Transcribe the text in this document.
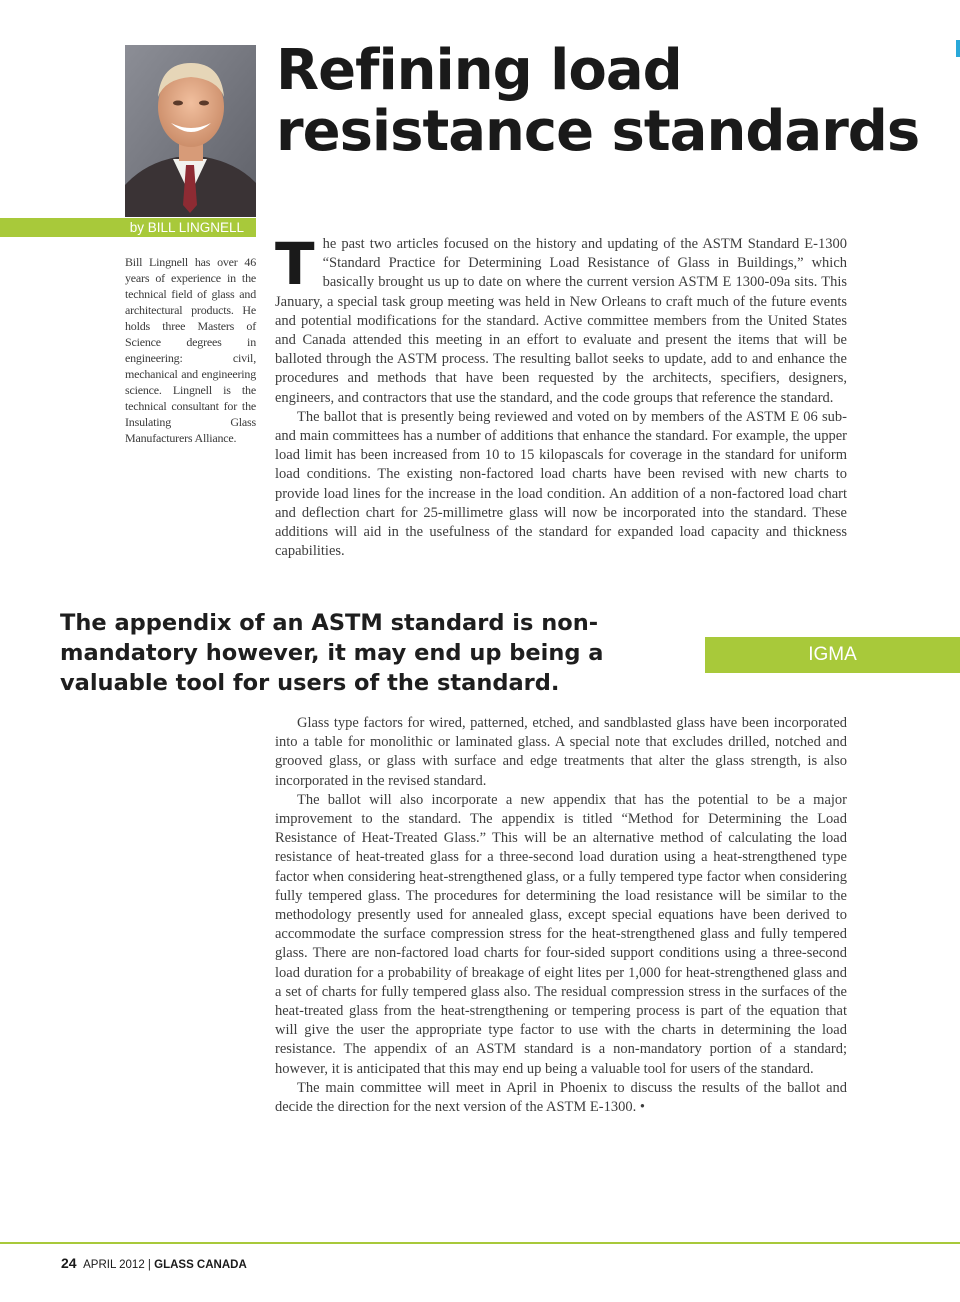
Refining load
resistance standards
by BILL LINGNELL

Bill Lingnell has over 46 years of experience in the technical field of glass and architectural products. He holds three Masters of Science degrees in engineering: civil, mechanical and engineering science. Lingnell is the technical consultant for the Insulating Glass Manufacturers Alliance.

The past two articles focused on the history and updating of the ASTM Standard E-1300 “Standard Practice for Determining Load Resistance of Glass in Buildings,” which basically brought us up to date on where the current version ASTM E 1300-09a sits. This January, a special task group meeting was held in New Orleans to craft much of the future events and potential modifications for the standard. Active committee members from the United States and Canada attended this meeting in an effort to evaluate and present the items that will be balloted through the ASTM process. The resulting ballot seeks to update, add to and enhance the procedures and methods that have been requested by the architects, specifiers, designers, engineers, and contractors that use the standard, and the code groups that reference the standard.

The ballot that is presently being reviewed and voted on by members of the ASTM E 06 sub- and main committees has a number of additions that enhance the standard. For example, the upper load limit has been increased from 10 to 15 kilopascals for coverage in the standard for uniform load conditions. The existing non-factored load charts have been revised with new charts to provide load lines for the increase in the load condition. An addition of a non-factored load chart and deflection chart for 25-millimetre glass will now be incorporated into the standard. These additions will aid in the usefulness of the standard for expanded load capacity and thickness capabilities.

The appendix of an ASTM standard is non-mandatory however, it may end up being a valuable tool for users of the standard.

IGMA

Glass type factors for wired, patterned, etched, and sandblasted glass have been incorporated into a table for monolithic or laminated glass. A special note that excludes drilled, notched and grooved glass, or glass with surface and edge treatments that alter the glass strength, is also incorporated in the revised standard.

The ballot will also incorporate a new appendix that has the potential to be a major improvement to the standard. The appendix is titled “Method for Determining the Load Resistance of Heat-Treated Glass.” This will be an alternative method of calculating the load resistance of heat-treated glass for a three-second load duration using a heat-strengthened type factor when considering heat-strengthened glass, or a fully tempered type factor when considering fully tempered glass. The procedures for determining the load resistance will be similar to the methodology presently used for annealed glass, except special equations have been derived to accommodate the surface compression stress for the heat-strengthened glass and fully tempered glass. There are non-factored load charts for four-sided support conditions using a three-second load duration for a probability of breakage of eight lites per 1,000 for heat-strengthened glass and a set of charts for fully tempered glass also. The residual compression stress in the surfaces of the heat-treated glass from the heat-strengthening or tempering process is part of the equation that will give the user the appropriate type factor to use with the charts in determining the load resistance. The appendix of an ASTM standard is a non-mandatory portion of a standard; however, it is anticipated that this may end up being a valuable tool for users of the standard.

The main committee will meet in April in Phoenix to discuss the results of the ballot and decide the direction for the next version of the ASTM E-1300. •

24 APRIL 2012 | GLASS CANADA
